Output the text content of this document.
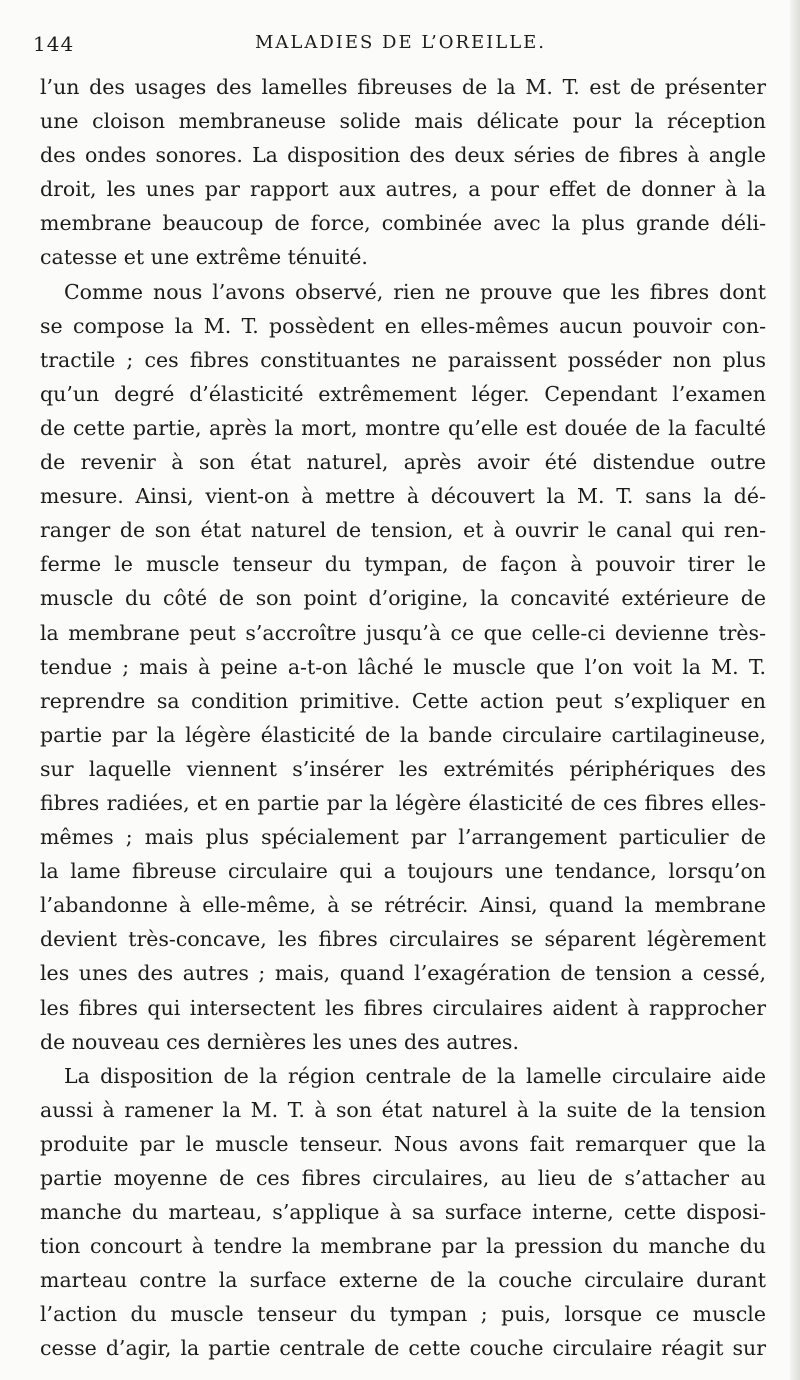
144	MALADIES DE L’OREILLE.
l’un des usages des lamelles fibreuses de la M. T. est de présenter
une cloison membraneuse solide mais délicate pour la réception
des ondes sonores. La disposition des deux séries de fibres à angle
droit, les unes par rapport aux autres, a pour effet de donner à la
membrane beaucoup de force, combinée avec la plus grande déli-
catesse et une extrême ténuité.
Comme nous l’avons observé, rien ne prouve que les fibres dont
se compose la M. T. possèdent en elles-mêmes aucun pouvoir con-
tractile ; ces fibres constituantes ne paraissent posséder non plus
qu’un degré d’élasticité extrêmement léger. Cependant l’examen
de cette partie, après la mort, montre qu’elle est douée de la faculté
de revenir à son état naturel, après avoir été distendue outre
mesure. Ainsi, vient-on à mettre à découvert la M. T. sans la dé-
ranger de son état naturel de tension, et à ouvrir le canal qui ren-
ferme le muscle tenseur du tympan, de façon à pouvoir tirer le
muscle du côté de son point d’origine, la concavité extérieure de
la membrane peut s’accroître jusqu’à ce que celle-ci devienne très-
tendue ; mais à peine a-t-on lâché le muscle que l’on voit la M. T.
reprendre sa condition primitive. Cette action peut s’expliquer en
partie par la légère élasticité de la bande circulaire cartilagineuse,
sur laquelle viennent s’insérer les extrémités périphériques des
fibres radiées, et en partie par la légère élasticité de ces fibres elles-
mêmes ; mais plus spécialement par l’arrangement particulier de
la lame fibreuse circulaire qui a toujours une tendance, lorsqu’on
l’abandonne à elle-même, à se rétrécir. Ainsi, quand la membrane
devient très-concave, les fibres circulaires se séparent légèrement
les unes des autres ; mais, quand l’exagération de tension a cessé,
les fibres qui intersectent les fibres circulaires aident à rapprocher
de nouveau ces dernières les unes des autres.
La disposition de la région centrale de la lamelle circulaire aide
aussi à ramener la M. T. à son état naturel à la suite de la tension
produite par le muscle tenseur. Nous avons fait remarquer que la
partie moyenne de ces fibres circulaires, au lieu de s’attacher au
manche du marteau, s’applique à sa surface interne, cette disposi-
tion concourt à tendre la membrane par la pression du manche du
marteau contre la surface externe de la couche circulaire durant
l’action du muscle tenseur du tympan ; puis, lorsque ce muscle
cesse d’agir, la partie centrale de cette couche circulaire réagit sur
